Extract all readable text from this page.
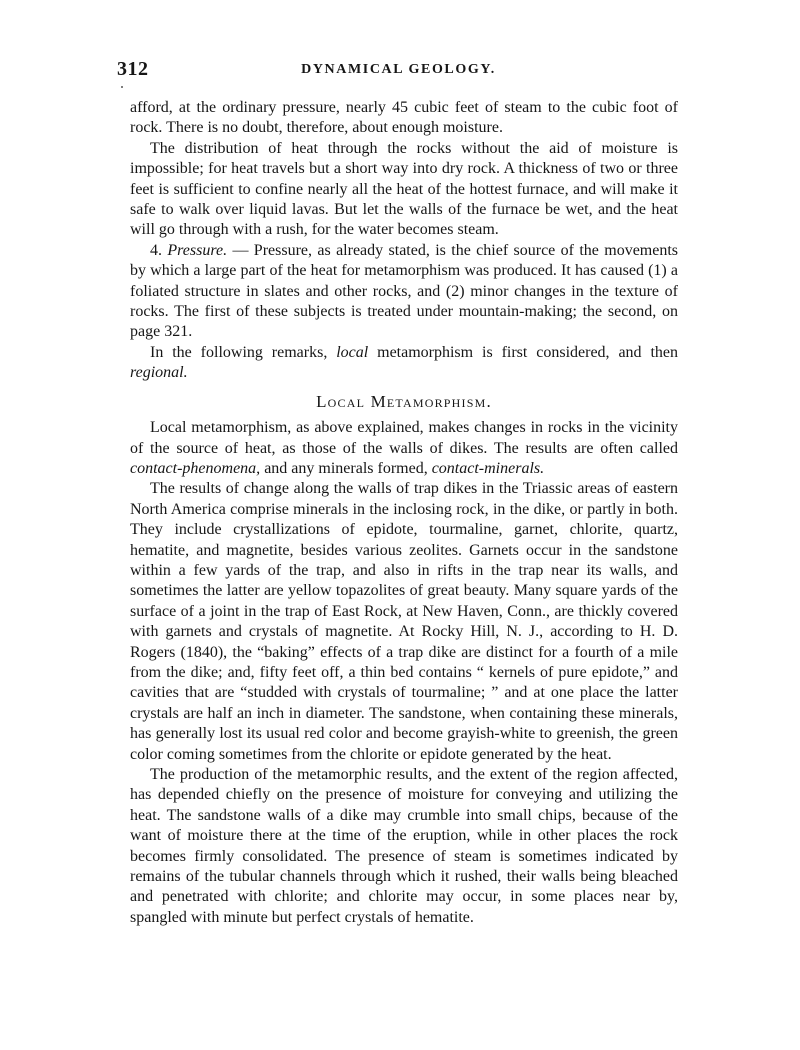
312	DYNAMICAL GEOLOGY.

afford, at the ordinary pressure, nearly 45 cubic feet of steam to the cubic foot of rock. There is no doubt, therefore, about enough moisture.

The distribution of heat through the rocks without the aid of moisture is impossible; for heat travels but a short way into dry rock. A thickness of two or three feet is sufficient to confine nearly all the heat of the hottest furnace, and will make it safe to walk over liquid lavas. But let the walls of the furnace be wet, and the heat will go through with a rush, for the water becomes steam.

4. Pressure. — Pressure, as already stated, is the chief source of the movements by which a large part of the heat for metamorphism was produced. It has caused (1) a foliated structure in slates and other rocks, and (2) minor changes in the texture of rocks. The first of these subjects is treated under mountain-making; the second, on page 321.

In the following remarks, local metamorphism is first considered, and then regional.

Local Metamorphism.

Local metamorphism, as above explained, makes changes in rocks in the vicinity of the source of heat, as those of the walls of dikes. The results are often called contact-phenomena, and any minerals formed, contact-minerals.

The results of change along the walls of trap dikes in the Triassic areas of eastern North America comprise minerals in the inclosing rock, in the dike, or partly in both. They include crystallizations of epidote, tourmaline, garnet, chlorite, quartz, hematite, and magnetite, besides various zeolites. Garnets occur in the sandstone within a few yards of the trap, and also in rifts in the trap near its walls, and sometimes the latter are yellow topazolites of great beauty. Many square yards of the surface of a joint in the trap of East Rock, at New Haven, Conn., are thickly covered with garnets and crystals of magnetite. At Rocky Hill, N. J., according to H. D. Rogers (1840), the “baking” effects of a trap dike are distinct for a fourth of a mile from the dike; and, fifty feet off, a thin bed contains “ kernels of pure epidote,” and cavities that are “studded with crystals of tourmaline; ” and at one place the latter crystals are half an inch in diameter. The sandstone, when containing these minerals, has generally lost its usual red color and become grayish-white to greenish, the green color coming sometimes from the chlorite or epidote generated by the heat.

The production of the metamorphic results, and the extent of the region affected, has depended chiefly on the presence of moisture for conveying and utilizing the heat. The sandstone walls of a dike may crumble into small chips, because of the want of moisture there at the time of the eruption, while in other places the rock becomes firmly consolidated. The presence of steam is sometimes indicated by remains of the tubular channels through which it rushed, their walls being bleached and penetrated with chlorite; and chlorite may occur, in some places near by, spangled with minute but perfect crystals of hematite.
